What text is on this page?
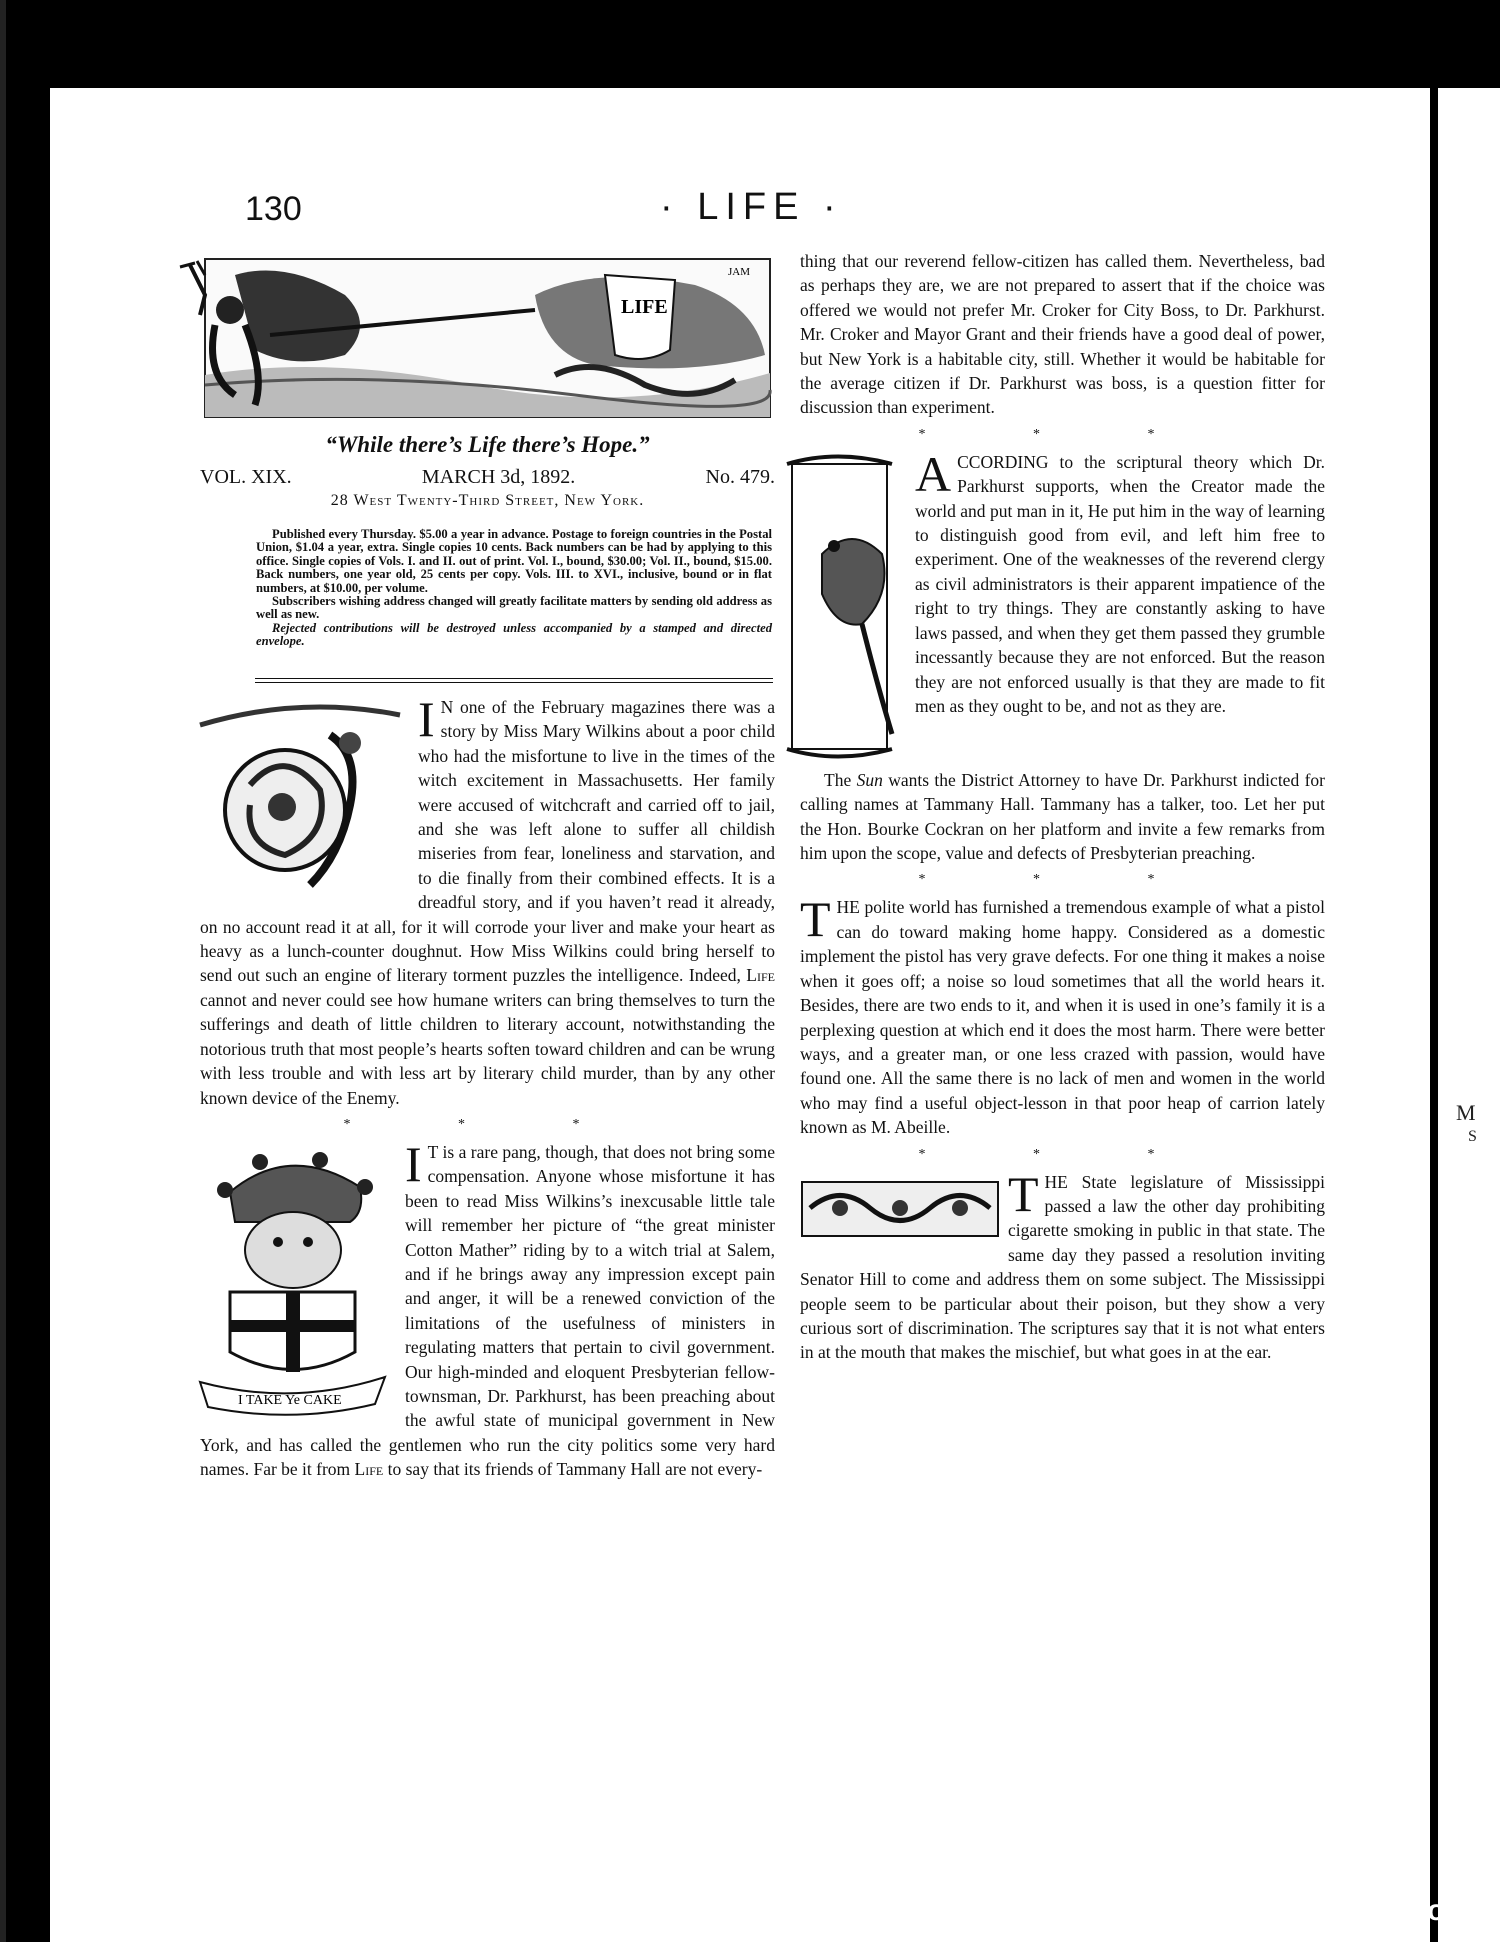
M
S
130	· LIFE ·
LIFE
JAM
“While there’s Life there’s Hope.”
VOL. XIX.	MARCH 3d, 1892.	No. 479.
28 West Twenty-Third Street, New York.

Published every Thursday. $5.00 a year in advance. Postage to foreign countries in the Postal Union, $1.04 a year, extra. Single copies 10 cents. Back numbers can be had by applying to this office. Single copies of Vols. I. and II. out of print. Vol. I., bound, $30.00; Vol. II., bound, $15.00. Back numbers, one year old, 25 cents per copy. Vols. III. to XVI., inclusive, bound or in flat numbers, at $10.00, per volume.

Subscribers wishing address changed will greatly facilitate matters by sending old address as well as new.

Rejected contributions will be destroyed unless accompanied by a stamped and directed envelope.

I N one of the February magazines there was a story by Miss Mary Wilkins about a poor child who had the misfortune to live in the times of the witch excitement in Massachusetts. Her family were accused of witchcraft and carried off to jail, and she was left alone to suffer all childish miseries from fear, loneliness and starvation, and to die finally from their combined effects. It is a dreadful story, and if you haven’t read it already, on no account read it at all, for it will corrode your liver and make your heart as heavy as a lunch-counter doughnut. How Miss Wilkins could bring herself to send out such an engine of literary torment puzzles the intelligence. Indeed, Life cannot and never could see how humane writers can bring themselves to turn the sufferings and death of little children to literary account, notwithstanding the notorious truth that most people’s hearts soften toward children and can be wrung with less trouble and with less art by literary child murder, than by any other known device of the Enemy.

* * *
I TAKE Ye CAKE

I T is a rare pang, though, that does not bring some compensation. Anyone whose misfortune it has been to read Miss Wilkins’s inexcusable little tale will remember her picture of “the great minister Cotton Mather” riding by to a witch trial at Salem, and if he brings away any impression except pain and anger, it will be a renewed conviction of the limitations of the usefulness of ministers in regulating matters that pertain to civil government. Our high-minded and eloquent Presbyterian fellow-townsman, Dr. Parkhurst, has been preaching about the awful state of municipal government in New York, and has called the gentlemen who run the city politics some very hard names. Far be it from Life to say that its friends of Tammany Hall are not every-

thing that our reverend fellow-citizen has called them. Nevertheless, bad as perhaps they are, we are not prepared to assert that if the choice was offered we would not prefer Mr. Croker for City Boss, to Dr. Parkhurst. Mr. Croker and Mayor Grant and their friends have a good deal of power, but New York is a habitable city, still. Whether it would be habitable for the average citizen if Dr. Parkhurst was boss, is a question fitter for discussion than experiment.

* * *

ACCORDING to the scriptural theory which Dr. Parkhurst supports, when the Creator made the world and put man in it, He put him in the way of learning to distinguish good from evil, and left him free to experiment. One of the weaknesses of the reverend clergy as civil administrators is their apparent impatience of the right to try things. They are constantly asking to have laws passed, and when they get them passed they grumble incessantly because they are not enforced. But the reason they are not enforced usually is that they are made to fit men as they ought to be, and not as they are.

The Sun wants the District Attorney to have Dr. Parkhurst indicted for calling names at Tammany Hall. Tammany has a talker, too. Let her put the Hon. Bourke Cockran on her platform and invite a few remarks from him upon the scope, value and defects of Presbyterian preaching.

* * *

THE polite world has furnished a tremendous example of what a pistol can do toward making home happy. Considered as a domestic implement the pistol has very grave defects. For one thing it makes a noise when it goes off; a noise so loud sometimes that all the world hears it. Besides, there are two ends to it, and when it is used in one’s family it is a perplexing question at which end it does the most harm. There were better ways, and a greater man, or one less crazed with passion, would have found one. All the same there is no lack of men and women in the world who may find a useful object-lesson in that poor heap of carrion lately known as M. Abeille.

* * *

THE State legislature of Mississippi passed a law the other day prohibiting cigarette smoking in public in that state. The same day they passed a resolution inviting Senator Hill to come and address them on some subject. The Mississippi people seem to be particular about their poison, but they show a very curious sort of discrimination. The scriptures say that it is not what enters in at the mouth that makes the mischief, but what goes in at the ear.

comicbooks.com
